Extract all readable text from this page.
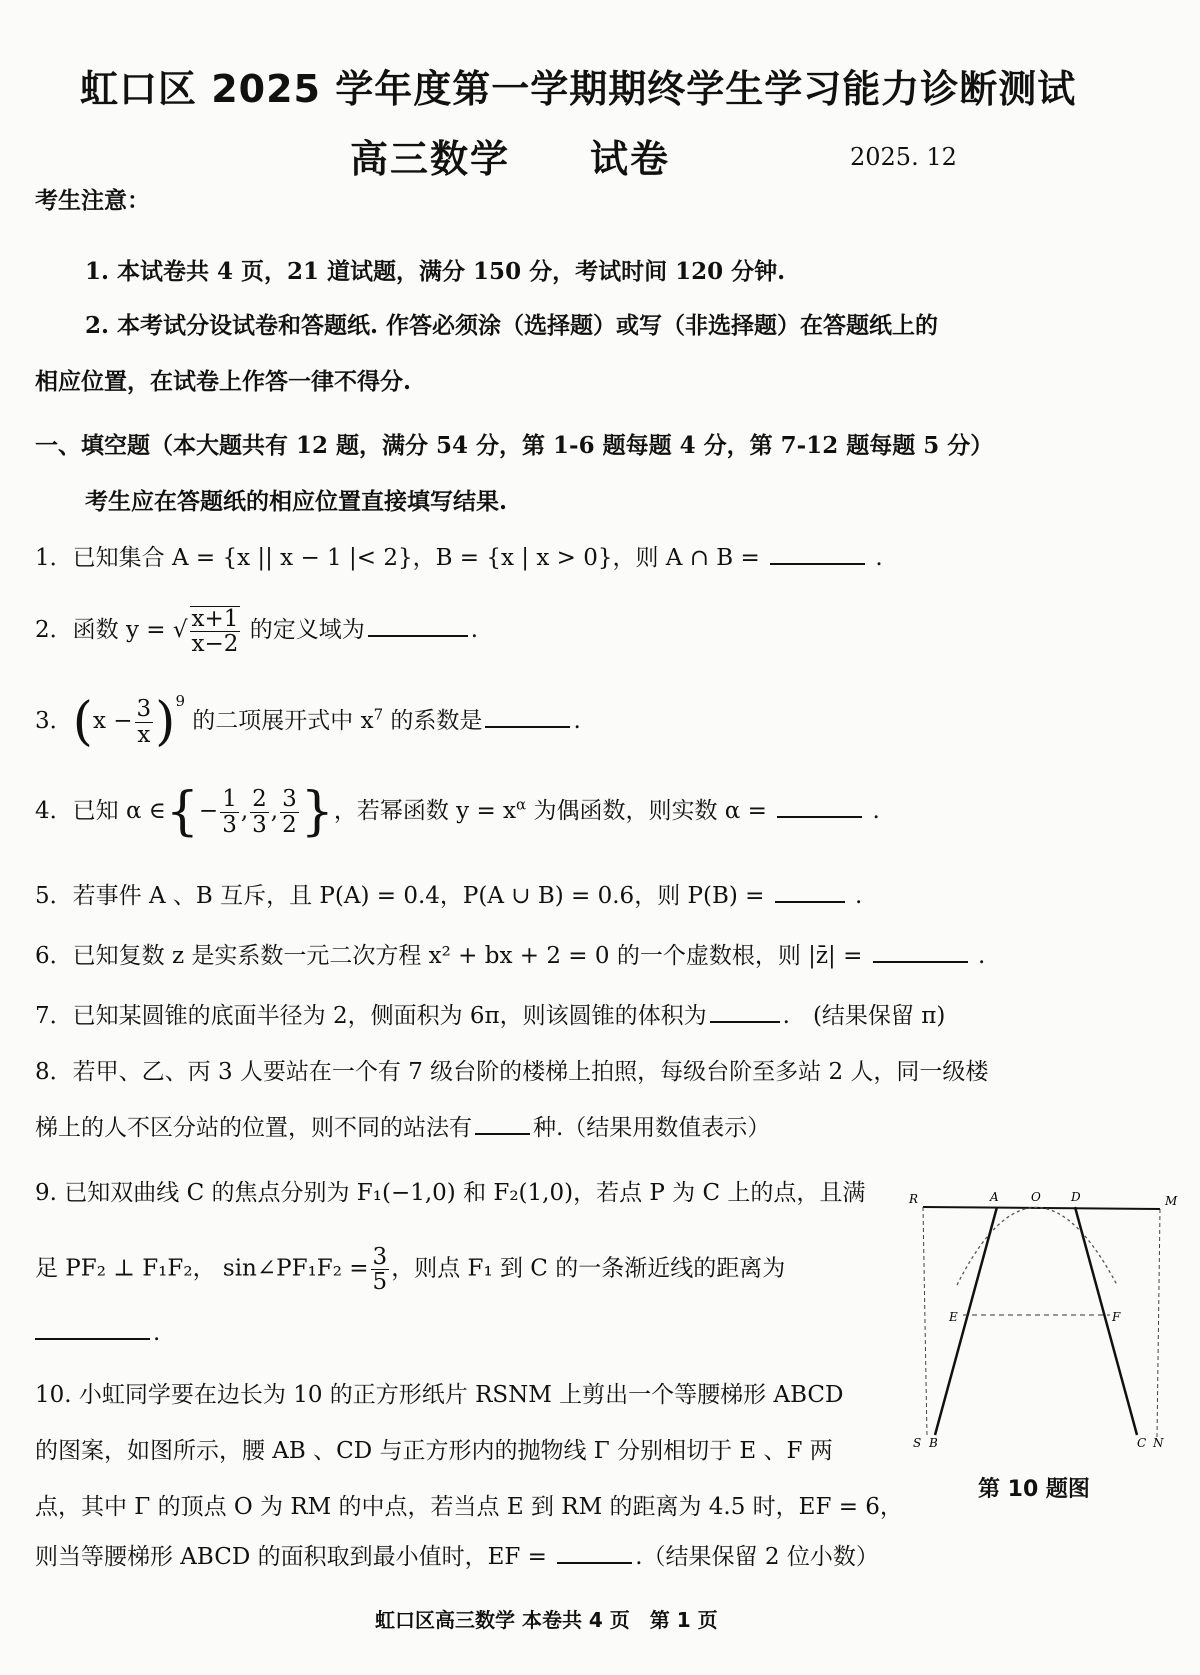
虹口区 2025 学年度第一学期期终学生学习能力诊断测试
高三数学　　试卷	2025. 12
考生注意：
1. 本试卷共 4 页，21 道试题，满分 150 分，考试时间 120 分钟.
2. 本考试分设试卷和答题纸. 作答必须涂（选择题）或写（非选择题）在答题纸上的
相应位置，在试卷上作答一律不得分.
一、填空题（本大题共有 12 题，满分 54 分，第 1-6 题每题 4 分，第 7-12 题每题 5 分）
考生应在答题纸的相应位置直接填写结果.
1．已知集合 A = {x || x − 1 |< 2}，B = {x | x > 0}，则 A ∩ B =	.
2．函数 y = √ $\frac{x+1}{x-2}$ 的定义域为	.
3．$(x - \frac{3}{x} )^9$ 的二项展开式中 $x^7$ 的系数是	.
4．已知 α ∈{− $\frac{1}{3}$ , $\frac{2}{3}$ , $\frac{3}{2}$ }，若幂函数 $y = x^\alpha$ 为偶函数，则实数 α =	.
5．若事件 A 、B 互斥，且 P(A) = 0.4，P(A ∪ B) = 0.6，则 P(B) =	.
6．已知复数 z 是实系数一元二次方程 x² + bx + 2 = 0 的一个虚数根，则 |z̄| =	.
7．已知某圆锥的底面半径为 2，侧面积为 6π，则该圆锥的体积为	.　(结果保留 π)
8．若甲、乙、丙 3 人要站在一个有 7 级台阶的楼梯上拍照，每级台阶至多站 2 人，同一级楼
梯上的人不区分站的位置，则不同的站法有	种.（结果用数值表示）
9. 已知双曲线 C 的焦点分别为 F₁(−1,0) 和 F₂(1,0)，若点 P 为 C 上的点，且满
足 PF₂ ⊥ F₁F₂， sin∠PF₁F₂ = $\frac{3}{5}$ ，则点 F₁ 到 C 的一条渐近线的距离为
.
10. 小虹同学要在边长为 10 的正方形纸片 RSNM 上剪出一个等腰梯形 ABCD
的图案，如图所示，腰 AB 、CD 与正方形内的抛物线 Γ 分别相切于 E 、F 两
点，其中 Γ 的顶点 O 为 RM 的中点，若当点 E 到 RM 的距离为 4.5 时，EF = 6，
则当等腰梯形 ABCD 的面积取到最小值时，EF =	.（结果保留 2 位小数）
R	A	O	D	M
E	F
S B	C N
第 10 题图
虹口区高三数学 本卷共 4 页　第 1 页
